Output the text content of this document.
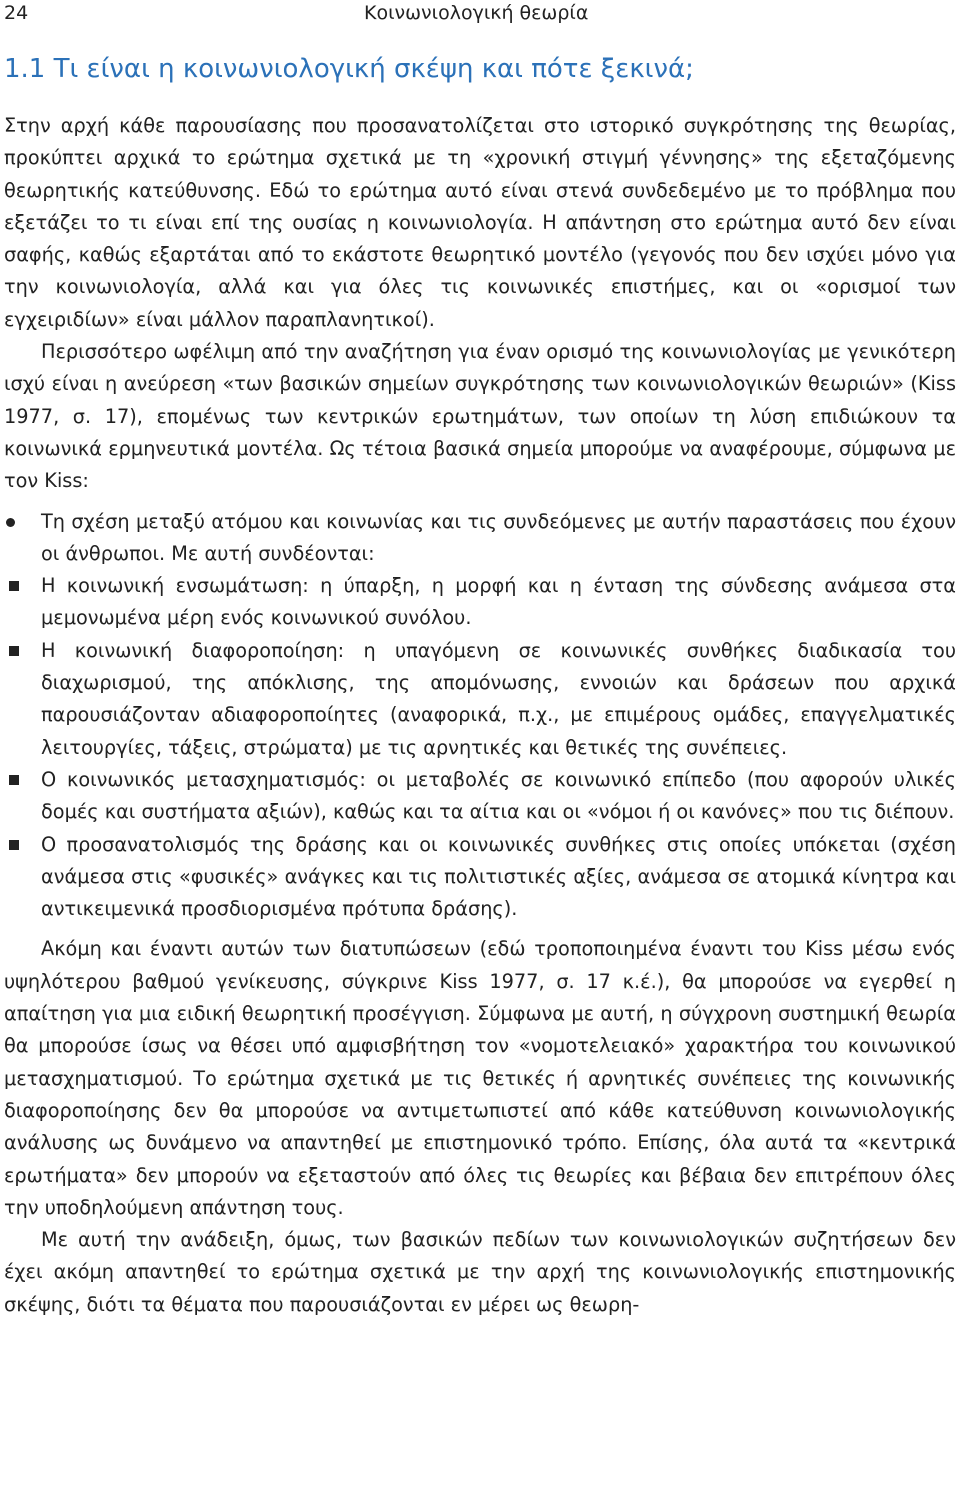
24	Κοινωνιολογική θεωρία
1.1 Τι είναι η κοινωνιολογική σκέψη και πότε ξεκινά;

Στην αρχή κάθε παρουσίασης που προσανατολίζεται στο ιστορικό συγκρότησης της θεωρίας, προκύπτει αρχικά το ερώτημα σχετικά με τη «χρονική στιγμή γέννησης» της εξεταζόμενης θεωρητικής κατεύθυνσης. Εδώ το ερώτημα αυτό είναι στενά συνδεδεμένο με το πρόβλημα που εξετάζει το τι είναι επί της ουσίας η κοινωνιολογία. Η απάντηση στο ερώτημα αυτό δεν είναι σαφής, καθώς εξαρτάται από το εκάστοτε θεωρητικό μοντέλο (γεγονός που δεν ισχύει μόνο για την κοινωνιολογία, αλλά και για όλες τις κοινωνικές επιστήμες, και οι «ορισμοί των εγχειριδίων» είναι μάλλον παραπλανητικοί).

Περισσότερο ωφέλιμη από την αναζήτηση για έναν ορισμό της κοινωνιολογίας με γενικότερη ισχύ είναι η ανεύρεση «των βασικών σημείων συγκρότησης των κοινωνιολογικών θεωριών» (Kiss 1977, σ. 17), επομένως των κεντρικών ερωτημάτων, των οποίων τη λύση επιδιώκουν τα κοινωνικά ερμηνευτικά μοντέλα. Ως τέτοια βασικά σημεία μπορούμε να αναφέρουμε, σύμφωνα με τον Kiss:

Τη σχέση μεταξύ ατόμου και κοινωνίας και τις συνδεόμενες με αυτήν παραστάσεις που έχουν οι άνθρωποι. Με αυτή συνδέονται:

Η κοινωνική ενσωμάτωση: η ύπαρξη, η μορφή και η ένταση της σύνδεσης ανάμεσα στα μεμονωμένα μέρη ενός κοινωνικού συνόλου.

Η κοινωνική διαφοροποίηση: η υπαγόμενη σε κοινωνικές συνθήκες διαδικασία του διαχωρισμού, της απόκλισης, της απομόνωσης, εννοιών και δράσεων που αρχικά παρουσιάζονταν αδιαφοροποίητες (αναφορικά, π.χ., με επιμέρους ομάδες, επαγγελματικές λειτουργίες, τάξεις, στρώματα) με τις αρνητικές και θετικές της συνέπειες.

Ο κοινωνικός μετασχηματισμός: οι μεταβολές σε κοινωνικό επίπεδο (που αφορούν υλικές δομές και συστήματα αξιών), καθώς και τα αίτια και οι «νόμοι ή οι κανόνες» που τις διέπουν.

Ο προσανατολισμός της δράσης και οι κοινωνικές συνθήκες στις οποίες υπόκεται (σχέση ανάμεσα στις «φυσικές» ανάγκες και τις πολιτιστικές αξίες, ανάμεσα σε ατομικά κίνητρα και αντικειμενικά προσδιορισμένα πρότυπα δράσης).

Ακόμη και έναντι αυτών των διατυπώσεων (εδώ τροποποιημένα έναντι του Kiss μέσω ενός υψηλότερου βαθμού γενίκευσης, σύγκρινε Kiss 1977, σ. 17 κ.έ.), θα μπορούσε να εγερθεί η απαίτηση για μια ειδική θεωρητική προσέγγιση. Σύμφωνα με αυτή, η σύγχρονη συστημική θεωρία θα μπορούσε ίσως να θέσει υπό αμφισβήτηση τον «νομοτελειακό» χαρακτήρα του κοινωνικού μετασχηματισμού. Το ερώτημα σχετικά με τις θετικές ή αρνητικές συνέπειες της κοινωνικής διαφοροποίησης δεν θα μπορούσε να αντιμετωπιστεί από κάθε κατεύθυνση κοινωνιολογικής ανάλυσης ως δυνάμενο να απαντηθεί με επιστημονικό τρόπο. Επίσης, όλα αυτά τα «κεντρικά ερωτήματα» δεν μπορούν να εξεταστούν από όλες τις θεωρίες και βέβαια δεν επιτρέπουν όλες την υποδηλούμενη απάντηση τους.

Με αυτή την ανάδειξη, όμως, των βασικών πεδίων των κοινωνιολογικών συζητήσεων δεν έχει ακόμη απαντηθεί το ερώτημα σχετικά με την αρχή της κοινωνιολογικής επιστημονικής σκέψης, διότι τα θέματα που παρουσιάζονται εν μέρει ως θεωρη-
